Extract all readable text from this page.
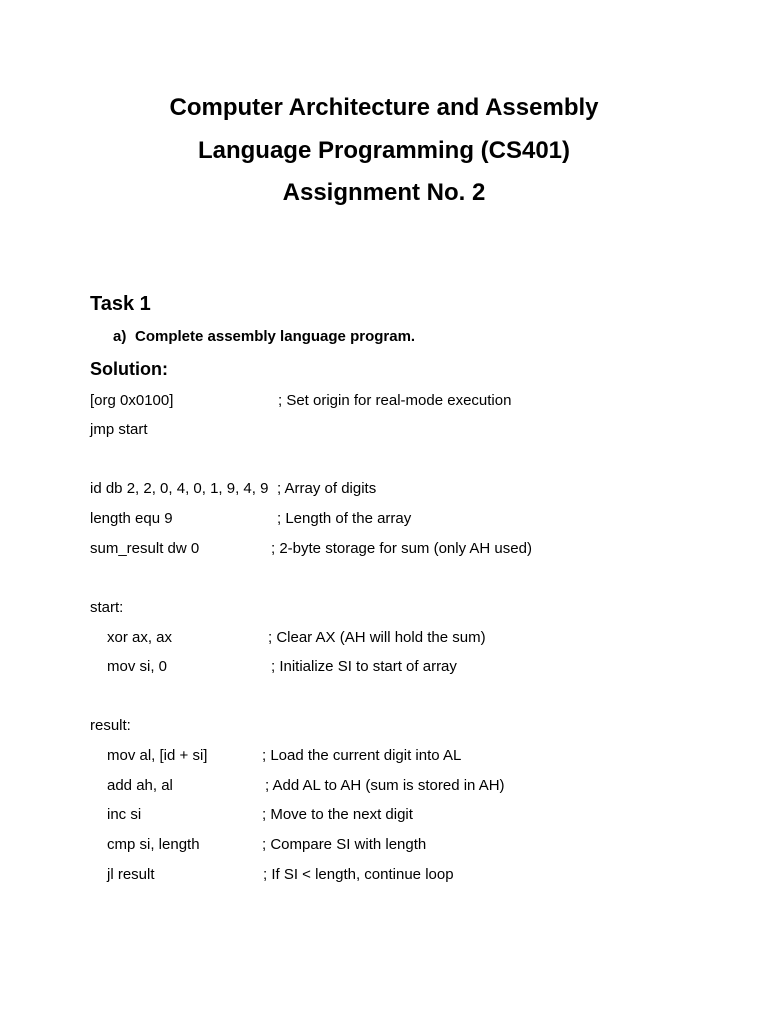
Computer Architecture and Assembly
Language Programming (CS401)
Assignment No. 2
Task 1
a) Complete assembly language program.
Solution:
[org 0x0100]	; Set origin for real-mode execution
jmp start
id db 2, 2, 0, 4, 0, 1, 9, 4, 9 ; Array of digits
length equ 9	; Length of the array
sum_result dw 0	; 2-byte storage for sum (only AH used)
start:
xor ax, ax	; Clear AX (AH will hold the sum)
mov si, 0	; Initialize SI to start of array
result:
mov al, [id + si]	; Load the current digit into AL
add ah, al	; Add AL to AH (sum is stored in AH)
inc si	; Move to the next digit
cmp si, length	; Compare SI with length
jl result	; If SI < length, continue loop
